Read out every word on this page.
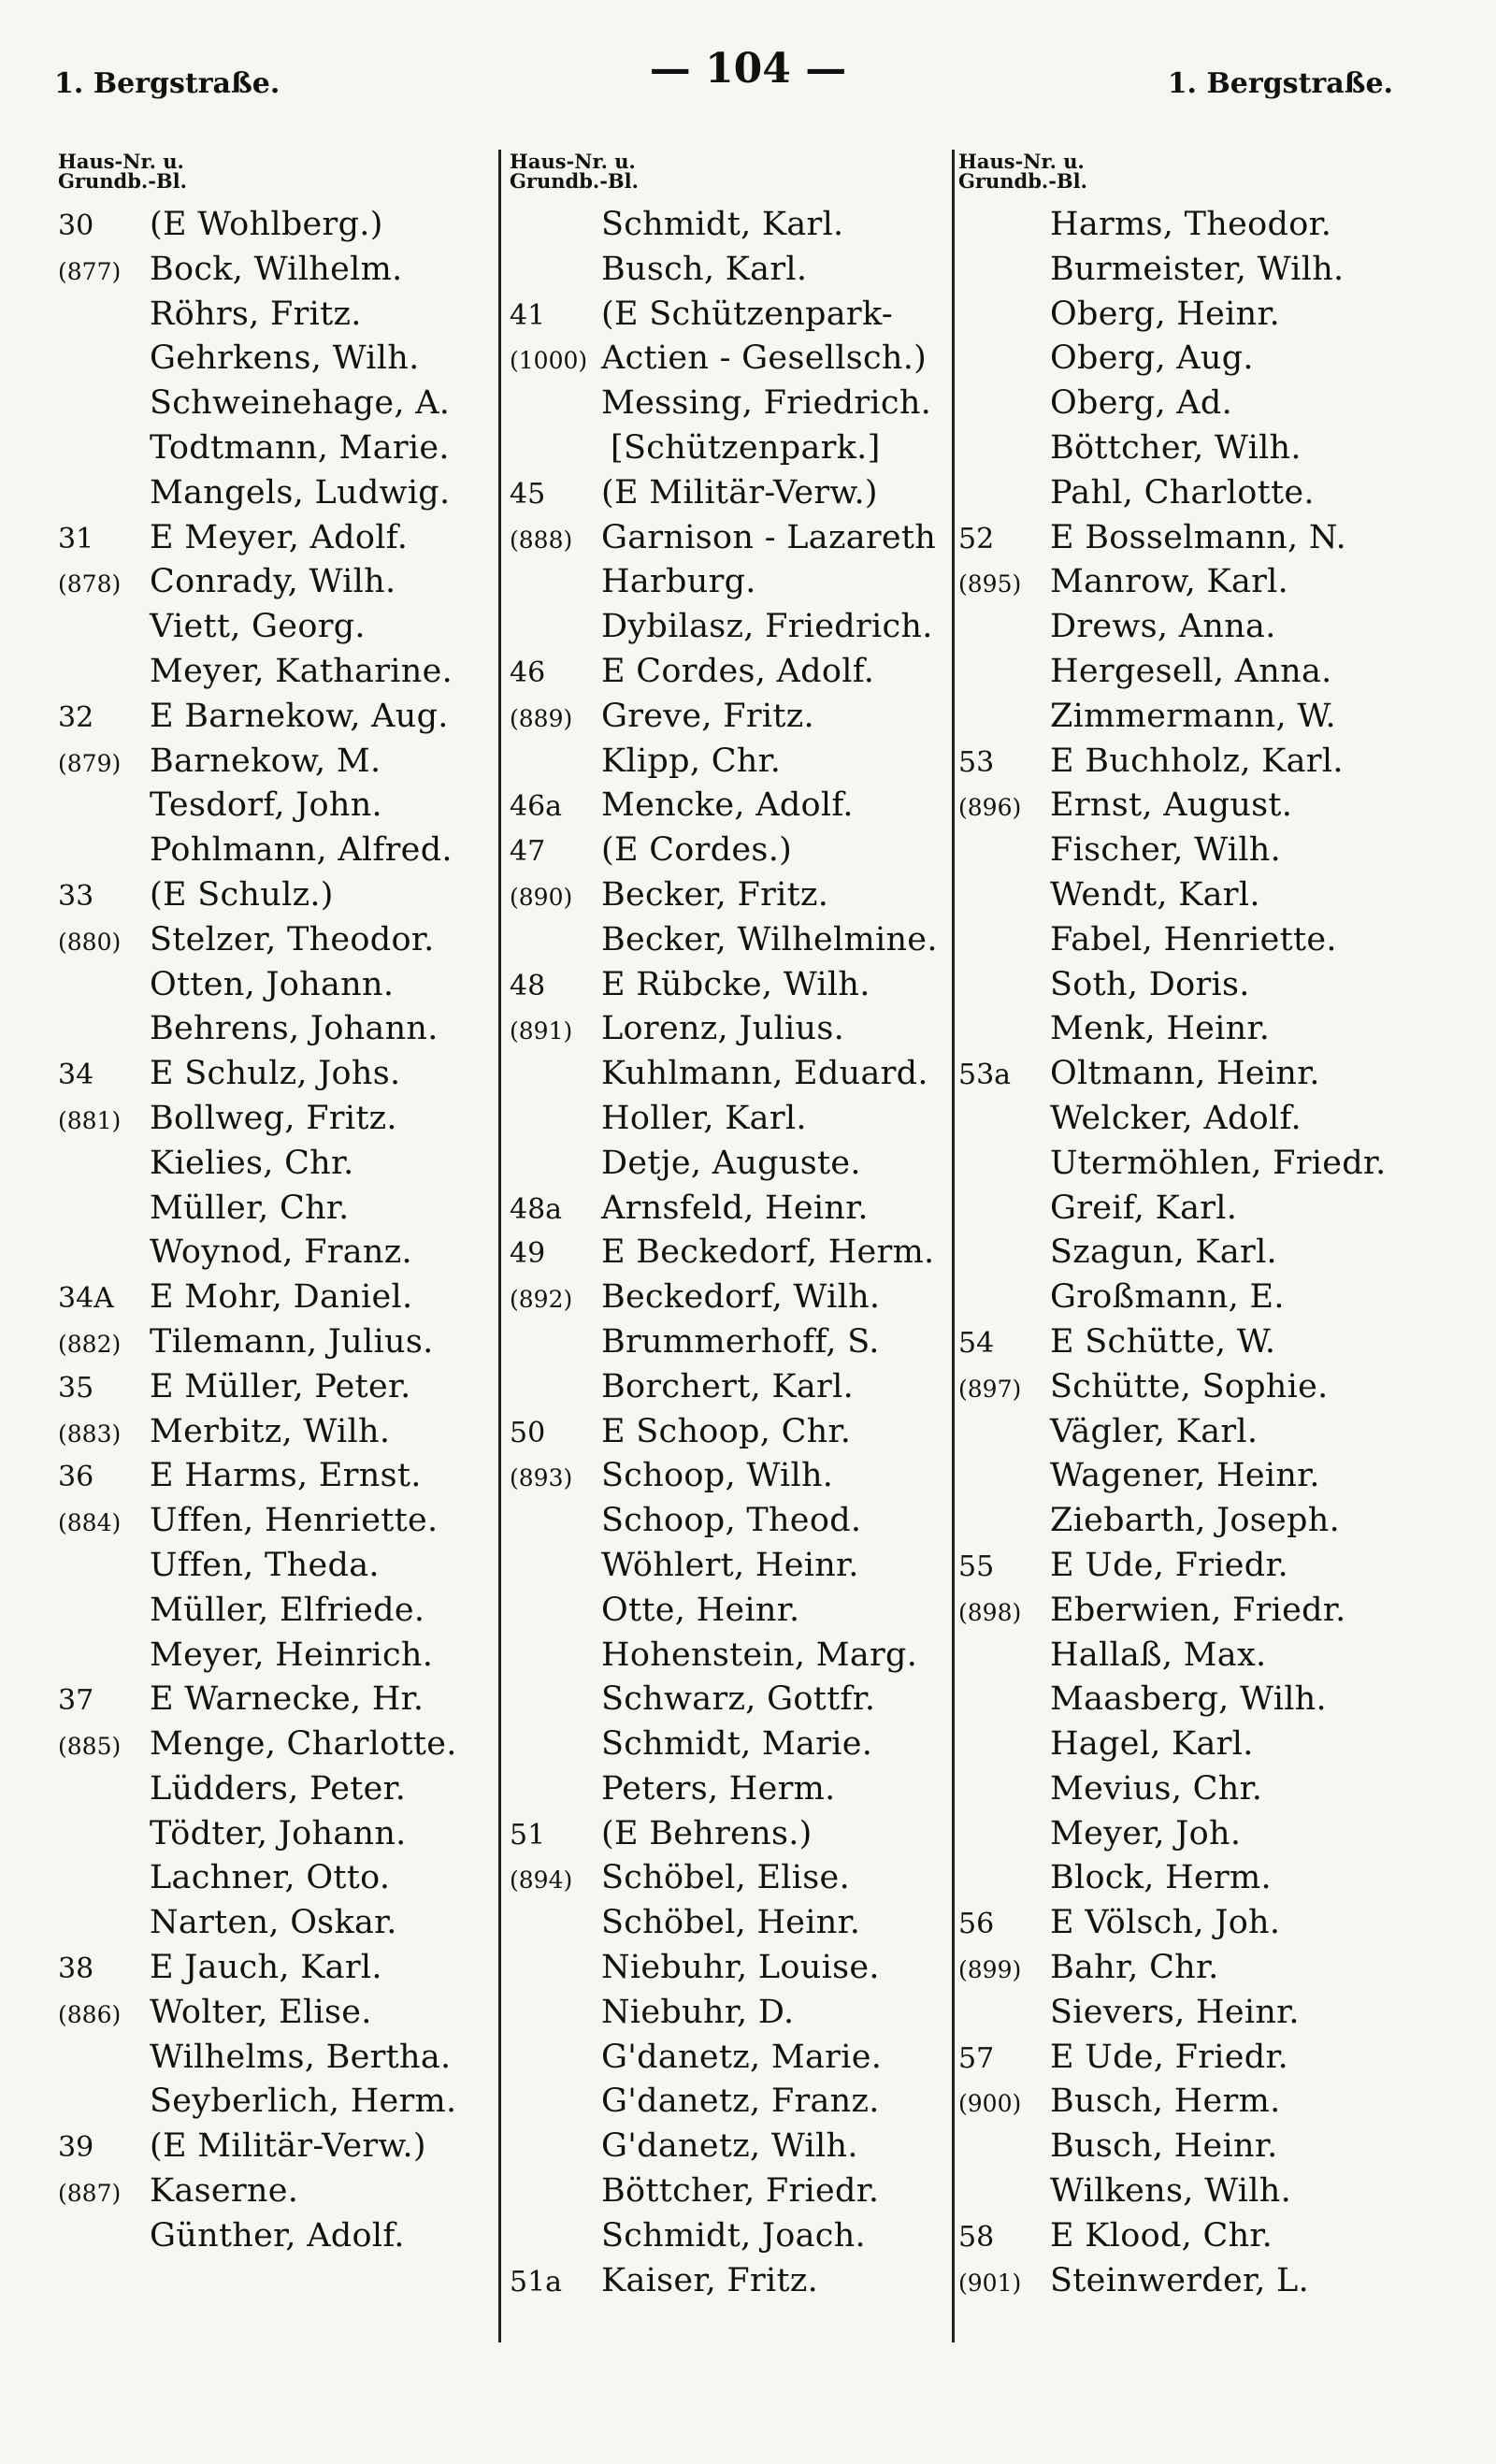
1. Bergstraße.	— 104 —	1. Bergstraße.
Haus-Nr. u.
Grundb.-Bl.
30	(E Wohlberg.)
(877) Bock, Wilhelm.
Röhrs, Fritz.
Gehrkens, Wilh.
Schweinehage, A.
Todtmann, Marie.
Mangels, Ludwig.
31	E Meyer, Adolf.
(878) Conrady, Wilh.
Viett, Georg.
Meyer, Katharine.
32	E Barnekow, Aug.
(879) Barnekow, M.
Tesdorf, John.
Pohlmann, Alfred.
33	(E Schulz.)
(880) Stelzer, Theodor.
Otten, Johann.
Behrens, Johann.
34	E Schulz, Johs.
(881) Bollweg, Fritz.
Kielies, Chr.
Müller, Chr.
Woynod, Franz.
34A	E Mohr, Daniel.
(882) Tilemann, Julius.
35	E Müller, Peter.
(883) Merbitz, Wilh.
36	E Harms, Ernst.
(884) Uffen, Henriette.
Uffen, Theda.
Müller, Elfriede.
Meyer, Heinrich.
37	E Warnecke, Hr.
(885) Menge, Charlotte.
Lüdders, Peter.
Tödter, Johann.
Lachner, Otto.
Narten, Oskar.
38	E Jauch, Karl.
(886) Wolter, Elise.
Wilhelms, Bertha.
Seyberlich, Herm.
39	(E Militär-Verw.)
(887) Kaserne.
Günther, Adolf.
Haus-Nr. u.
Grundb.-Bl.
Schmidt, Karl.
Busch, Karl.
41	(E Schützenpark-
(1000) Actien - Gesellsch.)
Messing, Friedrich.
[Schützenpark.]
45	(E Militär-Verw.)
(888) Garnison - Lazareth
Harburg.
Dybilasz, Friedrich.
46	E Cordes, Adolf.
(889) Greve, Fritz.
Klipp, Chr.
46a	Mencke, Adolf.
47	(E Cordes.)
(890) Becker, Fritz.
Becker, Wilhelmine.
48	E Rübcke, Wilh.
(891) Lorenz, Julius.
Kuhlmann, Eduard.
Holler, Karl.
Detje, Auguste.
48a	Arnsfeld, Heinr.
49	E Beckedorf, Herm.
(892) Beckedorf, Wilh.
Brummerhoff, S.
Borchert, Karl.
50	E Schoop, Chr.
(893) Schoop, Wilh.
Schoop, Theod.
Wöhlert, Heinr.
Otte, Heinr.
Hohenstein, Marg.
Schwarz, Gottfr.
Schmidt, Marie.
Peters, Herm.
51	(E Behrens.)
(894) Schöbel, Elise.
Schöbel, Heinr.
Niebuhr, Louise.
Niebuhr, D.
G'danetz, Marie.
G'danetz, Franz.
G'danetz, Wilh.
Böttcher, Friedr.
Schmidt, Joach.
51a	Kaiser, Fritz.
Haus-Nr. u.
Grundb.-Bl.
Harms, Theodor.
Burmeister, Wilh.
Oberg, Heinr.
Oberg, Aug.
Oberg, Ad.
Böttcher, Wilh.
Pahl, Charlotte.
52	E Bosselmann, N.
(895) Manrow, Karl.
Drews, Anna.
Hergesell, Anna.
Zimmermann, W.
53	E Buchholz, Karl.
(896) Ernst, August.
Fischer, Wilh.
Wendt, Karl.
Fabel, Henriette.
Soth, Doris.
Menk, Heinr.
53a	Oltmann, Heinr.
Welcker, Adolf.
Utermöhlen, Friedr.
Greif, Karl.
Szagun, Karl.
Großmann, E.
54	E Schütte, W.
(897) Schütte, Sophie.
Vägler, Karl.
Wagener, Heinr.
Ziebarth, Joseph.
55	E Ude, Friedr.
(898) Eberwien, Friedr.
Hallaß, Max.
Maasberg, Wilh.
Hagel, Karl.
Mevius, Chr.
Meyer, Joh.
Block, Herm.
56	E Völsch, Joh.
(899) Bahr, Chr.
Sievers, Heinr.
57	E Ude, Friedr.
(900) Busch, Herm.
Busch, Heinr.
Wilkens, Wilh.
58	E Klood, Chr.
(901) Steinwerder, L.
